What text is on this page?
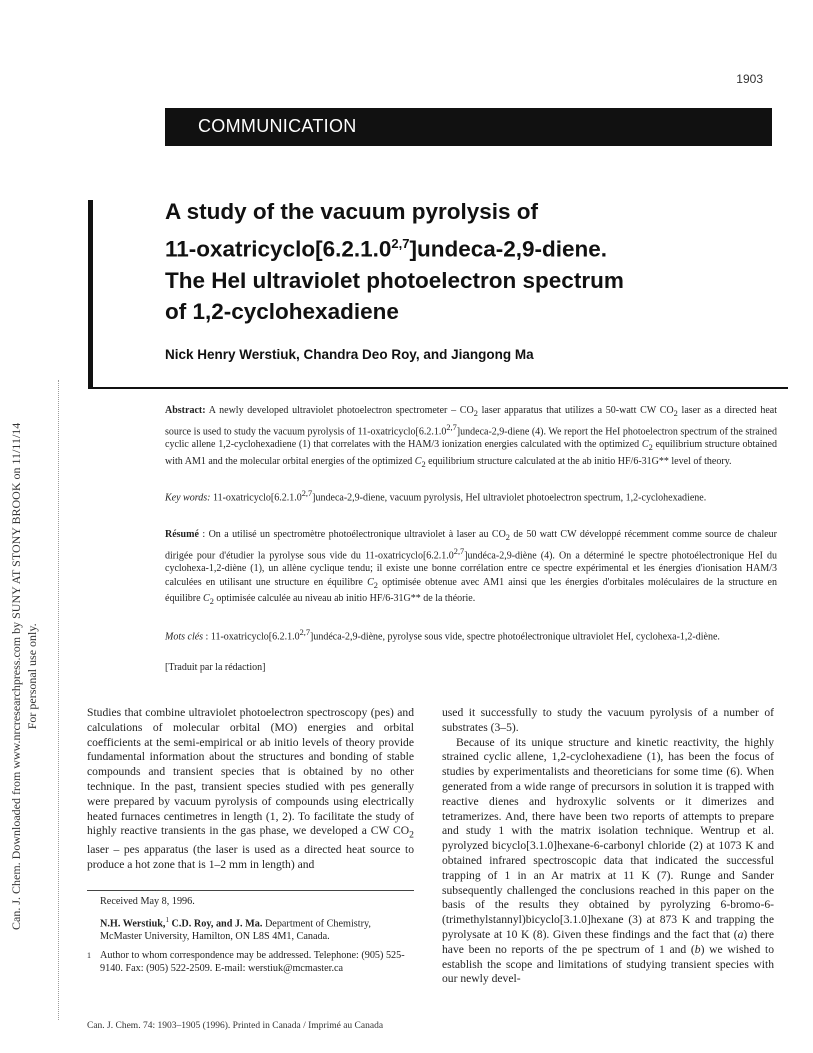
Can. J. Chem. Downloaded from www.nrcresearchpress.com by SUNY AT STONY BROOK on 11/11/14 For personal use only.
1903
COMMUNICATION
A study of the vacuum pyrolysis of
11-oxatricyclo[6.2.1.0$^{2,7}$]undeca-2,9-diene.
The HeI ultraviolet photoelectron spectrum
of 1,2-cyclohexadiene
Nick Henry Werstiuk, Chandra Deo Roy, and Jiangong Ma
Abstract: A newly developed ultraviolet photoelectron spectrometer – $CO_2$ laser apparatus that utilizes a 50-watt CW $CO_2$ laser as a directed heat source is used to study the vacuum pyrolysis of 11-oxatricyclo[6.2.1.0$^{2,7}$]undeca-2,9-diene (4). We report the HeI photoelectron spectrum of the strained cyclic allene 1,2-cyclohexadiene (1) that correlates with the HAM/3 ionization energies calculated with the optimized $C_2$ equilibrium structure obtained with AM1 and the molecular orbital energies of the optimized $C_2$ equilibrium structure calculated at the ab initio HF/6-31G** level of theory.
Key words: 11-oxatricyclo[6.2.1.0$^{2,7}$]undeca-2,9-diene, vacuum pyrolysis, HeI ultraviolet photoelectron spectrum, 1,2-cyclohexadiene.
Résumé : On a utilisé un spectromètre photoélectronique ultraviolet à laser au $CO_2$ de 50 watt CW développé récemment comme source de chaleur dirigée pour d'étudier la pyrolyse sous vide du 11-oxatricyclo[6.2.1.0$^{2,7}$]undéca-2,9-diène (4). On a déterminé le spectre photoélectronique HeI du cyclohexa-1,2-diène (1), un allène cyclique tendu; il existe une bonne corrélation entre ce spectre expérimental et les énergies d'ionisation HAM/3 calculées en utilisant une structure en équilibre $C_2$ optimisée obtenue avec AM1 ainsi que les énergies d'orbitales moléculaires de la structure en équilibre $C_2$ optimisée calculée au niveau ab initio HF/6-31G** de la théorie.
Mots clés : 11-oxatricyclo[6.2.1.0$^{2,7}$]undéca-2,9-diène, pyrolyse sous vide, spectre photoélectronique ultraviolet HeI, cyclohexa-1,2-diène.
[Traduit par la rédaction]

Studies that combine ultraviolet photoelectron spectroscopy (pes) and calculations of molecular orbital (MO) energies and orbital coefficients at the semi-empirical or ab initio levels of theory provide fundamental information about the structures and bonding of stable compounds and transient species that is obtained by no other technique. In the past, transient species studied with pes generally were prepared by vacuum pyrolysis of compounds using electrically heated furnaces centimetres in length (1, 2). To facilitate the study of highly reactive transients in the gas phase, we developed a CW $CO_2$ laser – pes apparatus (the laser is used as a directed heat source to produce a hot zone that is 1–2 mm in length) and

used it successfully to study the vacuum pyrolysis of a number of substrates (3–5).

Because of its unique structure and kinetic reactivity, the highly strained cyclic allene, 1,2-cyclohexadiene (1), has been the focus of studies by experimentalists and theoreticians for some time (6). When generated from a wide range of precursors in solution it is trapped with reactive dienes and hydroxylic solvents or it dimerizes and tetramerizes. And, there have been two reports of attempts to prepare and study 1 with the matrix isolation technique. Wentrup et al. pyrolyzed bicyclo[3.1.0]hexane-6-carbonyl chloride (2) at 1073 K and obtained infrared spectroscopic data that indicated the successful trapping of 1 in an Ar matrix at 11 K (7). Runge and Sander subsequently challenged the conclusions reached in this paper on the basis of the results they obtained by pyrolyzing 6-bromo-6-(trimethylstannyl)bicyclo[3.1.0]hexane (3) at 873 K and trapping the pyrolysate at 10 K (8). Given these findings and the fact that (a) there have been no reports of the pe spectrum of 1 and (b) we wished to establish the scope and limitations of studying transient species with our newly devel-

Received May 8, 1996.

N.H. Werstiuk,$^1$ C.D. Roy, and J. Ma. Department of Chemistry, McMaster University, Hamilton, ON L8S 4M1, Canada.

1 Author to whom correspondence may be addressed. Telephone: (905) 525-9140. Fax: (905) 522-2509. E-mail: werstiuk@mcmaster.ca
Can. J. Chem. 74: 1903–1905 (1996). Printed in Canada / Imprimé au Canada
